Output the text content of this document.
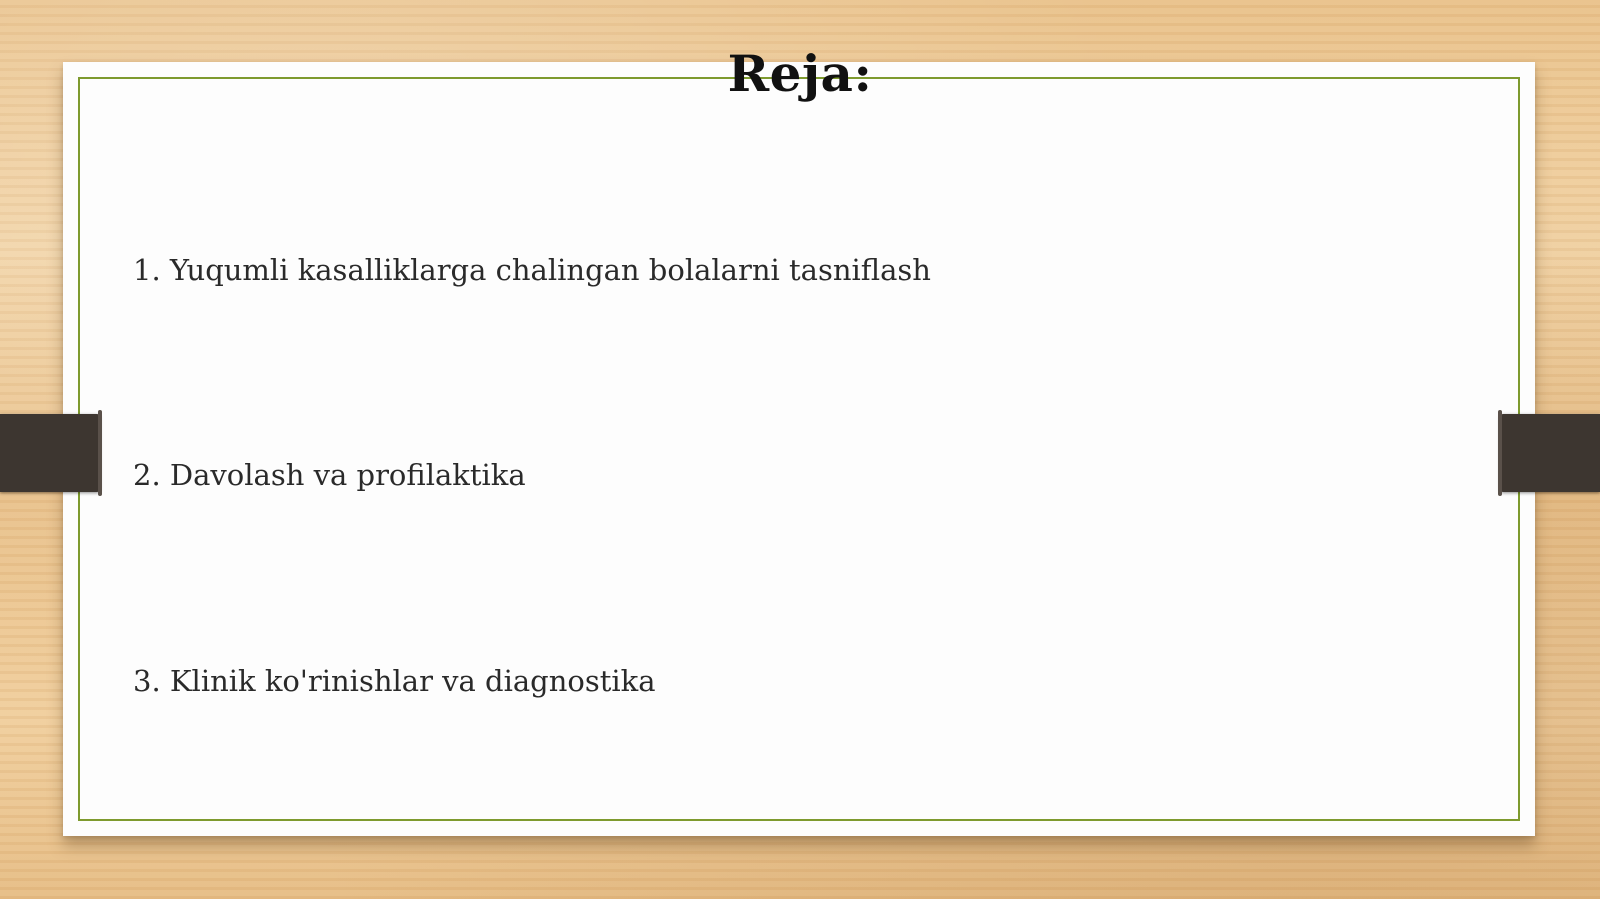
Reja:
1. Yuqumli kasalliklarga chalingan bolalarni tasniflash
2. Davolash va profilaktika
3. Klinik ko'rinishlar va diagnostika
